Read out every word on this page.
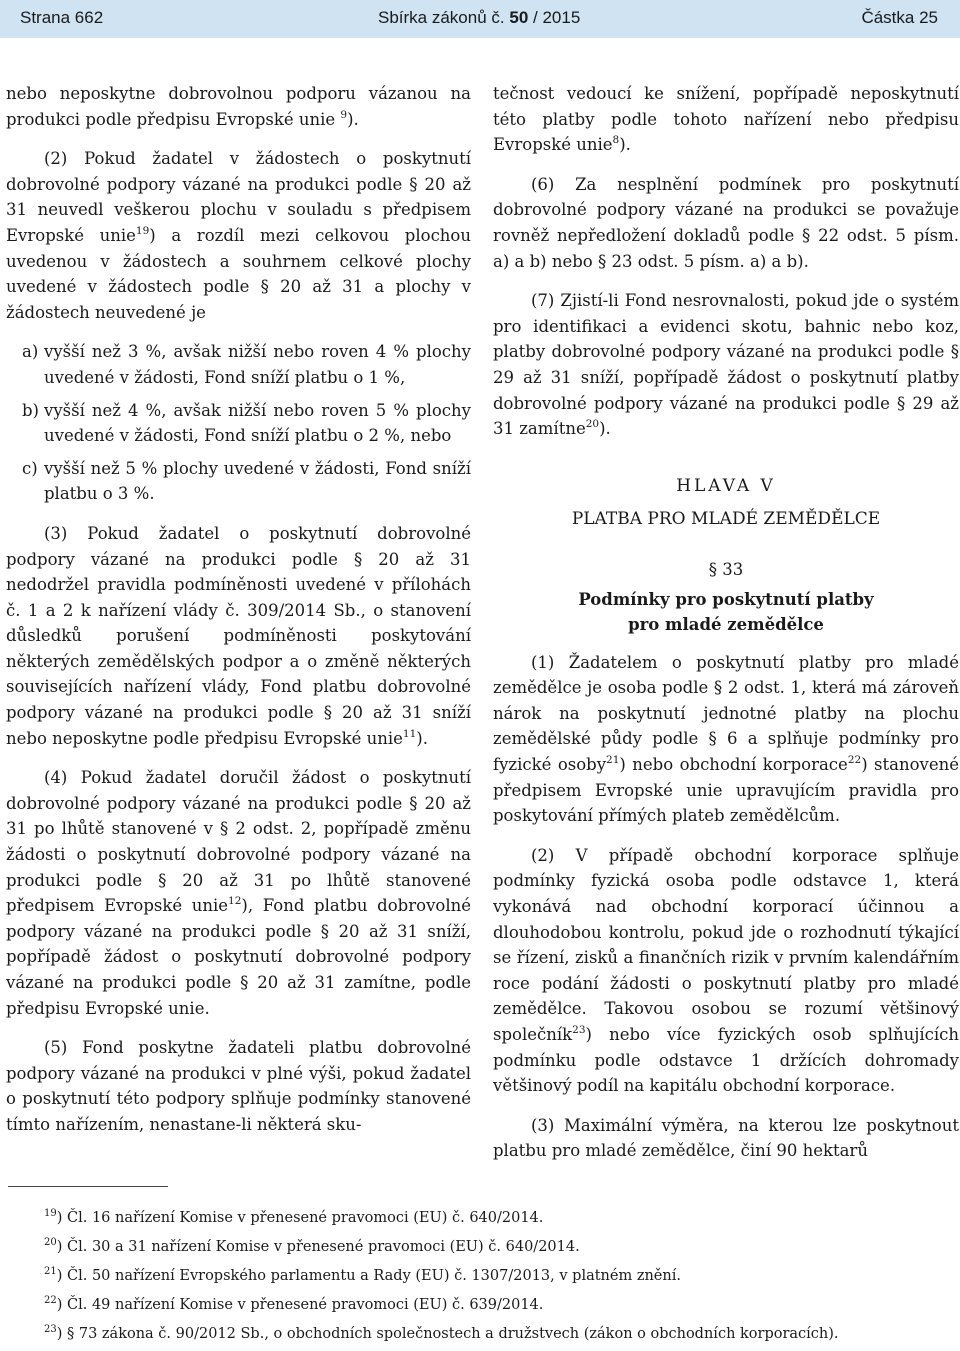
Strana 662	Sbírka zákonů č. 50 / 2015	Částka 25

nebo neposkytne dobrovolnou podporu vázanou na produkci podle předpisu Evropské unie $^9$).

(2) Pokud žadatel v žádostech o poskytnutí dobrovolné podpory vázané na produkci podle § 20 až 31 neuvedl veškerou plochu v souladu s předpisem Evropské unie$^{19}$) a rozdíl mezi celkovou plochou uvedenou v žádostech a souhrnem celkové plochy uvedené v žádostech podle § 20 až 31 a plochy v žádostech neuvedené je

a) vyšší než 3 %, avšak nižší nebo roven 4 % plochy uvedené v žádosti, Fond sníží platbu o 1 %,
b) vyšší než 4 %, avšak nižší nebo roven 5 % plochy uvedené v žádosti, Fond sníží platbu o 2 %, nebo
c) vyšší než 5 % plochy uvedené v žádosti, Fond sníží platbu o 3 %.

(3) Pokud žadatel o poskytnutí dobrovolné podpory vázané na produkci podle § 20 až 31 nedodržel pravidla podmíněnosti uvedené v přílohách č. 1 a 2 k nařízení vlády č. 309/2014 Sb., o stanovení důsledků porušení podmíněnosti poskytování některých zemědělských podpor a o změně některých souvisejících nařízení vlády, Fond platbu dobrovolné podpory vázané na produkci podle § 20 až 31 sníží nebo neposkytne podle předpisu Evropské unie$^{11}$).

(4) Pokud žadatel doručil žádost o poskytnutí dobrovolné podpory vázané na produkci podle § 20 až 31 po lhůtě stanovené v § 2 odst. 2, popřípadě změnu žádosti o poskytnutí dobrovolné podpory vázané na produkci podle § 20 až 31 po lhůtě stanovené předpisem Evropské unie$^{12}$), Fond platbu dobrovolné podpory vázané na produkci podle § 20 až 31 sníží, popřípadě žádost o poskytnutí dobrovolné podpory vázané na produkci podle § 20 až 31 zamítne, podle předpisu Evropské unie.

(5) Fond poskytne žadateli platbu dobrovolné podpory vázané na produkci v plné výši, pokud žadatel o poskytnutí této podpory splňuje podmínky stanovené tímto nařízením, nenastane-li některá sku-

tečnost vedoucí ke snížení, popřípadě neposkytnutí této platby podle tohoto nařízení nebo předpisu Evropské unie$^8$).

(6) Za nesplnění podmínek pro poskytnutí dobrovolné podpory vázané na produkci se považuje rovněž nepředložení dokladů podle § 22 odst. 5 písm. a) a b) nebo § 23 odst. 5 písm. a) a b).

(7) Zjistí-li Fond nesrovnalosti, pokud jde o systém pro identifikaci a evidenci skotu, bahnic nebo koz, platby dobrovolné podpory vázané na produkci podle § 29 až 31 sníží, popřípadě žádost o poskytnutí platby dobrovolné podpory vázané na produkci podle § 29 až 31 zamítne$^{20}$).

HLAVA V
PLATBA PRO MLADÉ ZEMĚDĚLCE
§ 33
Podmínky pro poskytnutí platby
pro mladé zemědělce

(1) Žadatelem o poskytnutí platby pro mladé zemědělce je osoba podle § 2 odst. 1, která má zároveň nárok na poskytnutí jednotné platby na plochu zemědělské půdy podle § 6 a splňuje podmínky pro fyzické osoby$^{21}$) nebo obchodní korporace$^{22}$) stanovené předpisem Evropské unie upravujícím pravidla pro poskytování přímých plateb zemědělcům.

(2) V případě obchodní korporace splňuje podmínky fyzická osoba podle odstavce 1, která vykonává nad obchodní korporací účinnou a dlouhodobou kontrolu, pokud jde o rozhodnutí týkající se řízení, zisků a finančních rizik v prvním kalendářním roce podání žádosti o poskytnutí platby pro mladé zemědělce. Takovou osobou se rozumí většinový společník$^{23}$) nebo více fyzických osob splňujících podmínku podle odstavce 1 držících dohromady většinový podíl na kapitálu obchodní korporace.

(3) Maximální výměra, na kterou lze poskytnout platbu pro mladé zemědělce, činí 90 hektarů

$^{19}$) Čl. 16 nařízení Komise v přenesené pravomoci (EU) č. 640/2014.
$^{20}$) Čl. 30 a 31 nařízení Komise v přenesené pravomoci (EU) č. 640/2014.
$^{21}$) Čl. 50 nařízení Evropského parlamentu a Rady (EU) č. 1307/2013, v platném znění.
$^{22}$) Čl. 49 nařízení Komise v přenesené pravomoci (EU) č. 639/2014.
$^{23}$) § 73 zákona č. 90/2012 Sb., o obchodních společnostech a družstvech (zákon o obchodních korporacích).
